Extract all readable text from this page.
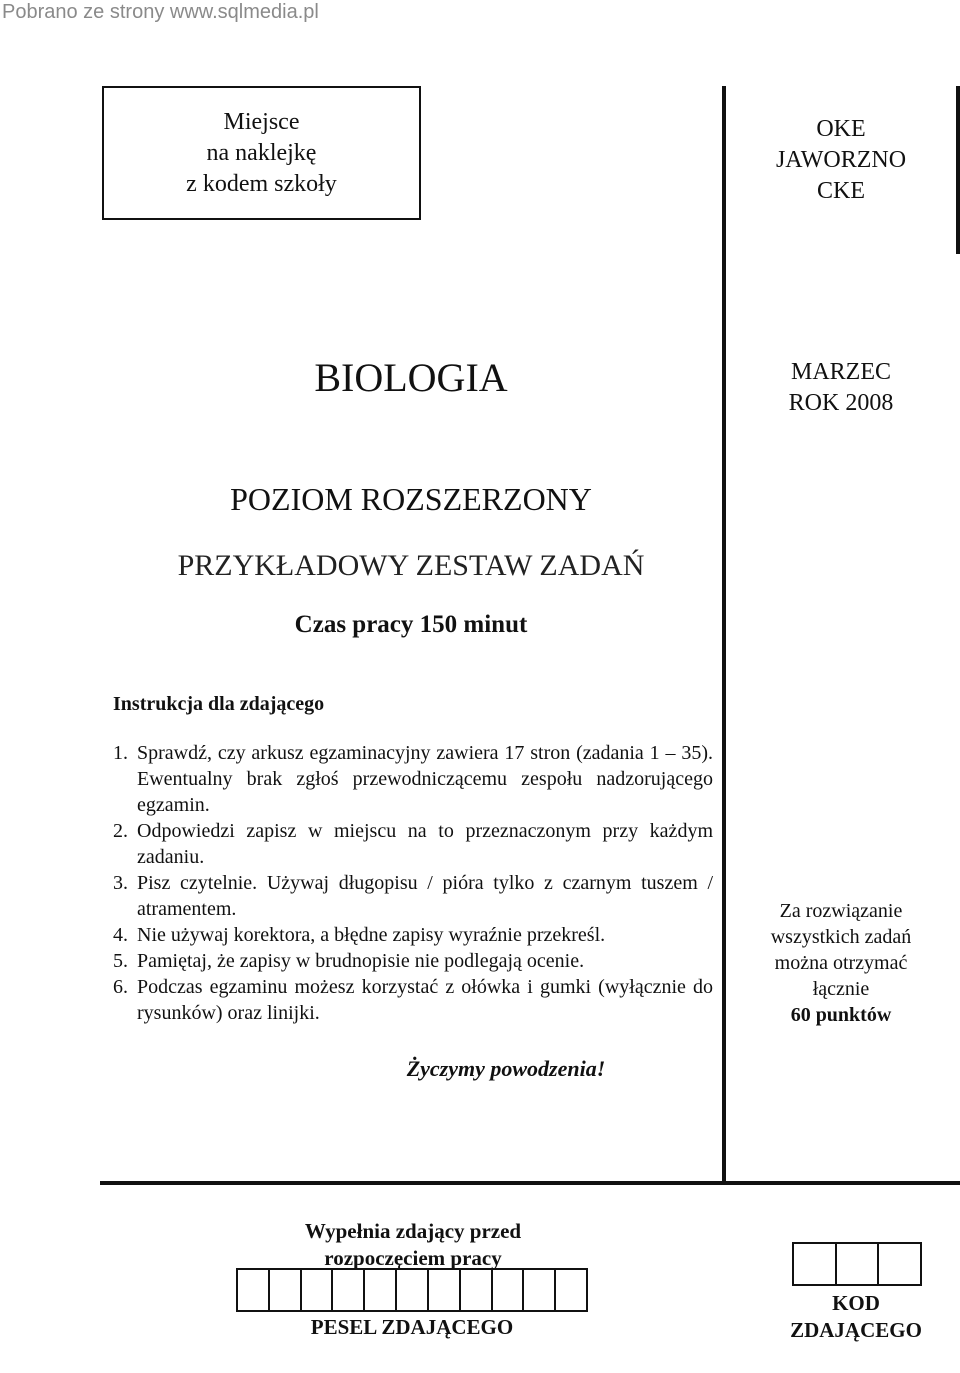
Pobrano ze strony www.sqlmedia.pl
Miejsce
na naklejkę
z kodem szkoły
OKE
JAWORZNO
CKE
BIOLOGIA	MARZEC
ROK 2008
POZIOM ROZSZERZONY
PRZYKŁADOWY ZESTAW ZADAŃ
Czas pracy 150 minut
Instrukcja dla zdającego
1. Sprawdź, czy arkusz egzaminacyjny zawiera 17 stron (zadania 1 – 35). Ewentualny brak zgłoś przewodniczącemu zespołu nadzorującego egzamin.
2. Odpowiedzi zapisz w miejscu na to przeznaczonym przy każdym zadaniu.
3. Pisz czytelnie. Używaj długopisu / pióra tylko z czarnym tuszem / atramentem.
4. Nie używaj korektora, a błędne zapisy wyraźnie przekreśl.
5. Pamiętaj, że zapisy w brudnopisie nie podlegają ocenie.
6. Podczas egzaminu możesz korzystać z ołówka i gumki (wyłącznie do rysunków) oraz linijki.
Za rozwiązanie
wszystkich zadań
można otrzymać
łącznie
60 punktów
Życzymy powodzenia!
Wypełnia zdający przed
rozpoczęciem pracy
PESEL ZDAJĄCEGO
KOD
ZDAJĄCEGO
